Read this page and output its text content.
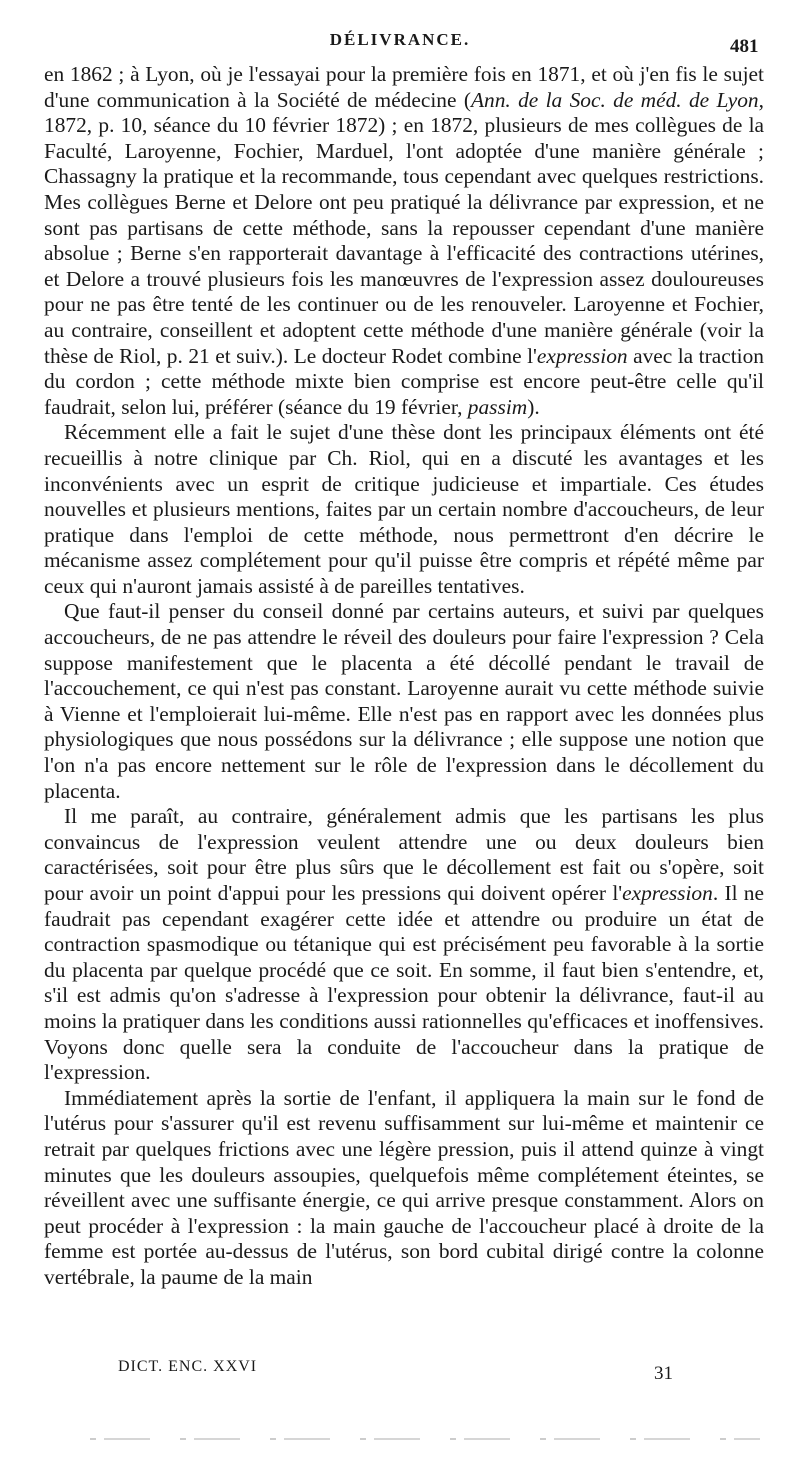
DÉLIVRANCE.	481

en 1862 ; à Lyon, où je l'essayai pour la première fois en 1871, et où j'en fis le sujet d'une communication à la Société de médecine (Ann. de la Soc. de méd. de Lyon, 1872, p. 10, séance du 10 février 1872) ; en 1872, plusieurs de mes collègues de la Faculté, Laroyenne, Fochier, Marduel, l'ont adoptée d'une manière générale ; Chassagny la pratique et la recommande, tous cependant avec quelques restrictions. Mes collègues Berne et Delore ont peu pratiqué la délivrance par expression, et ne sont pas partisans de cette méthode, sans la repousser cependant d'une manière absolue ; Berne s'en rapporterait davantage à l'efficacité des contractions utérines, et Delore a trouvé plusieurs fois les manœuvres de l'expression assez douloureuses pour ne pas être tenté de les continuer ou de les renouveler. Laroyenne et Fochier, au contraire, conseillent et adoptent cette méthode d'une manière générale (voir la thèse de Riol, p. 21 et suiv.). Le docteur Rodet combine l'expression avec la traction du cordon ; cette méthode mixte bien comprise est encore peut-être celle qu'il faudrait, selon lui, préférer (séance du 19 février, passim).

Récemment elle a fait le sujet d'une thèse dont les principaux éléments ont été recueillis à notre clinique par Ch. Riol, qui en a discuté les avantages et les inconvénients avec un esprit de critique judicieuse et impartiale. Ces études nouvelles et plusieurs mentions, faites par un certain nombre d'accoucheurs, de leur pratique dans l'emploi de cette méthode, nous permettront d'en décrire le mécanisme assez complétement pour qu'il puisse être compris et répété même par ceux qui n'auront jamais assisté à de pareilles tentatives.

Que faut-il penser du conseil donné par certains auteurs, et suivi par quelques accoucheurs, de ne pas attendre le réveil des douleurs pour faire l'expression ? Cela suppose manifestement que le placenta a été décollé pendant le travail de l'accouchement, ce qui n'est pas constant. Laroyenne aurait vu cette méthode suivie à Vienne et l'emploierait lui-même. Elle n'est pas en rapport avec les données plus physiologiques que nous possédons sur la délivrance ; elle suppose une notion que l'on n'a pas encore nettement sur le rôle de l'expression dans le décollement du placenta.

Il me paraît, au contraire, généralement admis que les partisans les plus convaincus de l'expression veulent attendre une ou deux douleurs bien caractérisées, soit pour être plus sûrs que le décollement est fait ou s'opère, soit pour avoir un point d'appui pour les pressions qui doivent opérer l'expression. Il ne faudrait pas cependant exagérer cette idée et attendre ou produire un état de contraction spasmodique ou tétanique qui est précisément peu favorable à la sortie du placenta par quelque procédé que ce soit. En somme, il faut bien s'entendre, et, s'il est admis qu'on s'adresse à l'expression pour obtenir la délivrance, faut-il au moins la pratiquer dans les conditions aussi rationnelles qu'efficaces et inoffensives. Voyons donc quelle sera la conduite de l'accoucheur dans la pratique de l'expression.

Immédiatement après la sortie de l'enfant, il appliquera la main sur le fond de l'utérus pour s'assurer qu'il est revenu suffisamment sur lui-même et maintenir ce retrait par quelques frictions avec une légère pression, puis il attend quinze à vingt minutes que les douleurs assoupies, quelquefois même complétement éteintes, se réveillent avec une suffisante énergie, ce qui arrive presque constamment. Alors on peut procéder à l'expression : la main gauche de l'accoucheur placé à droite de la femme est portée au-dessus de l'utérus, son bord cubital dirigé contre la colonne vertébrale, la paume de la main

DICT. ENC. XXVI	31
